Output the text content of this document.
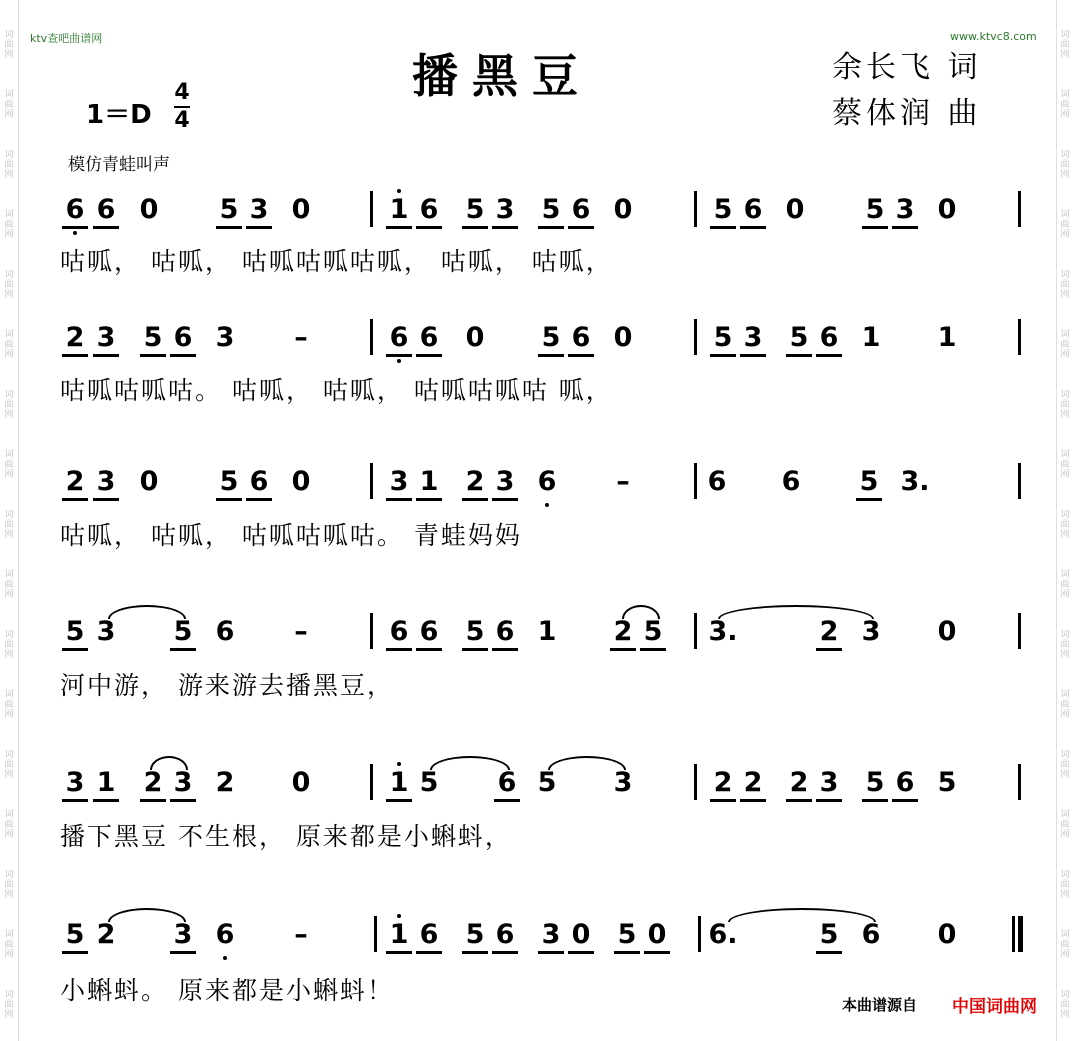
词
曲
网
词
曲
网
词
曲
网
词
曲
网
词
曲
网
词
曲
网
词
曲
网
词
曲
网
词
曲
网
词
曲
网
词
曲
网
词
曲
网
词
曲
网
词
曲
网
词
曲
网
词
曲
网
词
曲
网
词
曲
网
词
曲
网
词
曲
网
词
曲
网
词
曲
网
词
曲
网
词
曲
网
词
曲
网
词
曲
网
词
曲
网
词
曲
网
词
曲
网
词
曲
网
词
曲
网
词
曲
网
词
曲
网
词
曲
网
ktv查吧曲谱网	www.ktvc8.com
播黑豆	余长飞 词
蔡体润 曲
1＝D
4
4
模仿青蛙叫声
咕呱， 咕呱， 咕呱咕呱咕呱， 咕呱， 咕呱，
咕呱咕呱咕。 咕呱， 咕呱， 咕呱咕呱咕 呱，
咕呱， 咕呱， 咕呱咕呱咕。 青蛙妈妈
河中游， 游来游去播黑豆，
播下黑豆 不生根， 原来都是小蝌蚪，
小蝌蚪。 原来都是小蝌蚪！
6 6 0 5 3 0	1 6 5 3 5 6 0	5 6 0 5 3 0
2 3 5 6 3 –	6 6 0 5 6 0	5 3 5 6 1 1
2 3 0 5 6 0	3 1 2 3 6 –	6 6 5 3.
5 3 5 6 –	6 6 5 6 1 2 5 3.	2 3 0
3 1 2 3 2 0	1 5 6 5 3	2 2 2 3 5 6 5
5 2 3 6 –	1 6 5 6 3 0 5 0 6.	5 6 0
本曲谱源自 中国词曲网
